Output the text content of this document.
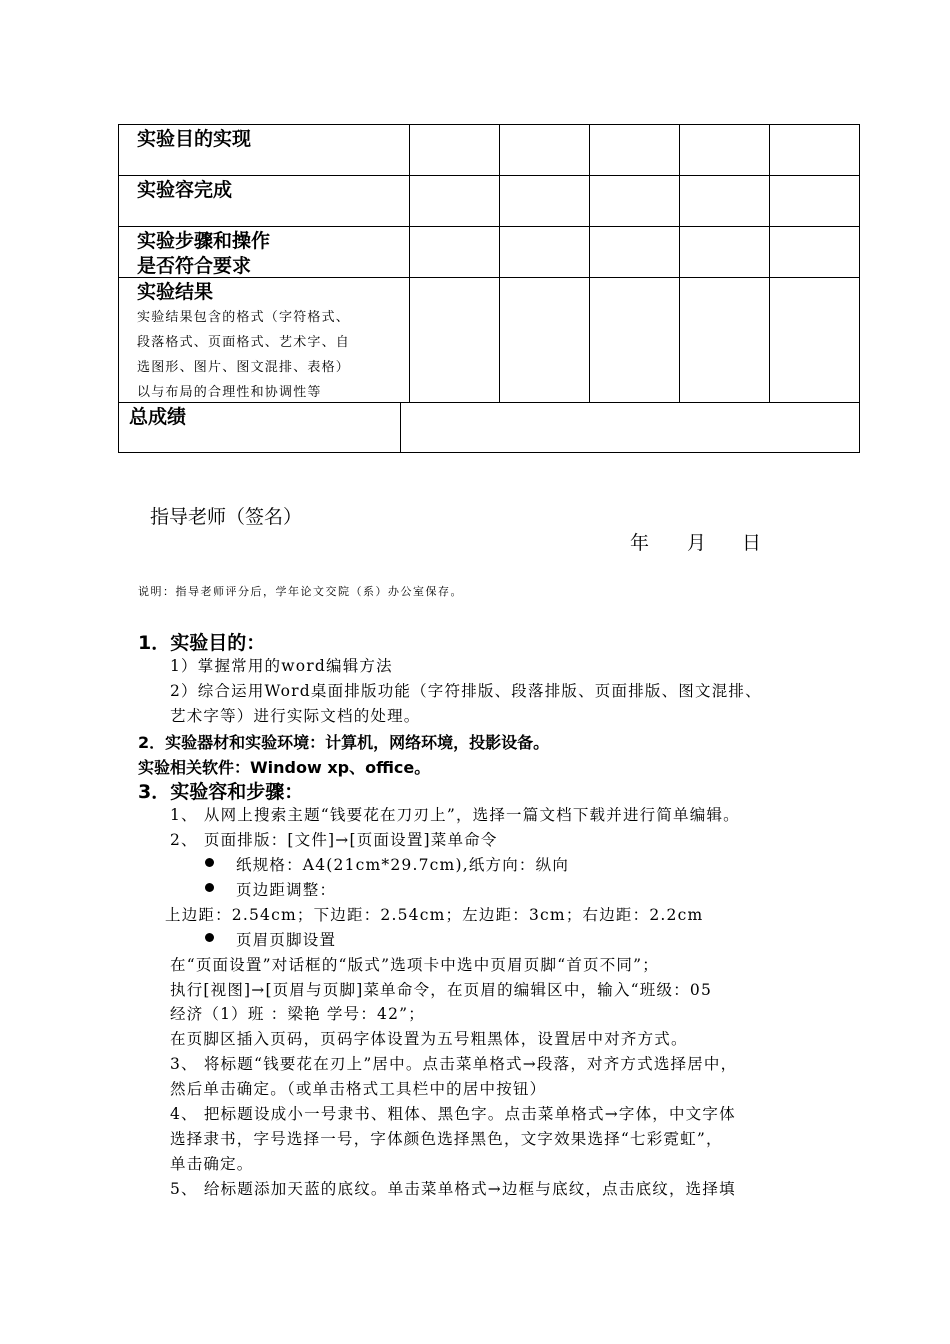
实验目的实现
实验容完成
实验步骤和操作
是否符合要求
实验结果
实验结果包含的格式（字符格式、
段落格式、页面格式、艺术字、自
选图形、图片、图文混排、表格）
以与布局的合理性和协调性等
总成绩
指导老师（签名）
年 月 日
说明：指导老师评分后，学年论文交院（系）办公室保存。
1．实验目的：
1）掌握常用的word编辑方法
2）综合运用Word桌面排版功能（字符排版、段落排版、页面排版、图文混排、
艺术字等）进行实际文档的处理。
2．实验器材和实验环境：计算机，网络环境，投影设备。
实验相关软件：Window xp、office。
3．实验容和步骤：
1、 从网上搜索主题“钱要花在刀刃上”，选择一篇文档下载并进行简单编辑。
2、 页面排版：[文件]→[页面设置]菜单命令
纸规格：A4(21cm*29.7cm),纸方向：纵向
页边距调整：
上边距：2.54cm；下边距：2.54cm；左边距：3cm；右边距：2.2cm
页眉页脚设置
在“页面设置”对话框的“版式”选项卡中选中页眉页脚“首页不同”；
执行[视图]→[页眉与页脚]菜单命令，在页眉的编辑区中，输入“班级：05
经济（1）班 ：梁艳 学号：42”；
在页脚区插入页码，页码字体设置为五号粗黑体，设置居中对齐方式。
3、 将标题“钱要花在刃上”居中。点击菜单格式→段落，对齐方式选择居中，
然后单击确定。（或单击格式工具栏中的居中按钮）
4、 把标题设成小一号隶书、粗体、黑色字。点击菜单格式→字体，中文字体
选择隶书，字号选择一号，字体颜色选择黑色，文字效果选择“七彩霓虹”，
单击确定。
5、 给标题添加天蓝的底纹。单击菜单格式→边框与底纹，点击底纹，选择填
